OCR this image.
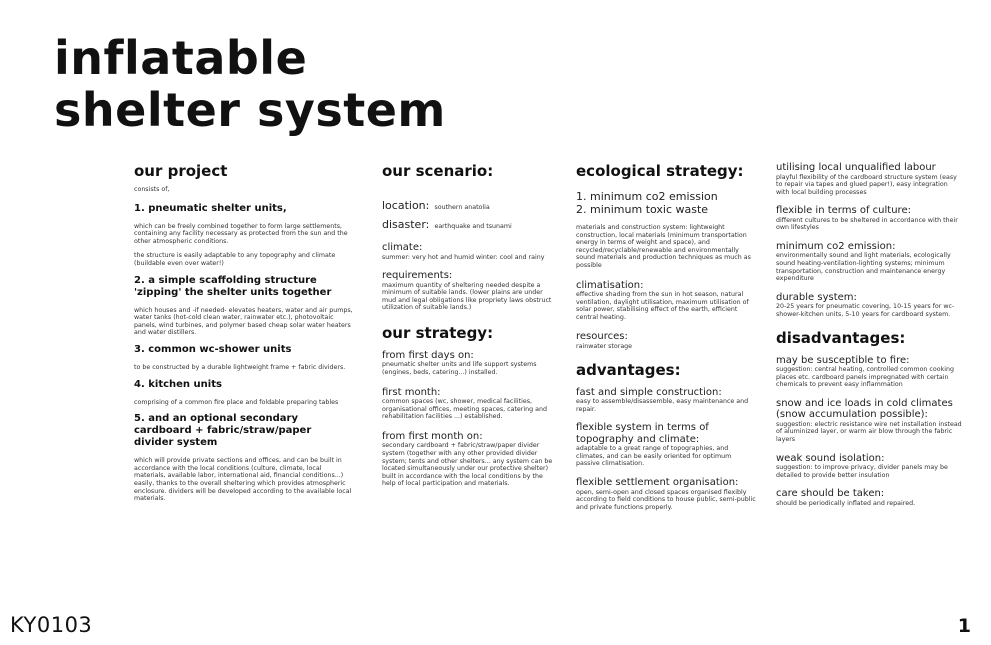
inflatable
shelter system
our project
consists of,
1. pneumatic shelter units,
which can be freely combined together to form large settlements, containing any facility necessary as protected from the sun and the other atmospheric conditions.
the structure is easily adaptable to any topography and climate (buildable even over water!)
2. a simple scaffolding structure 'zipping' the shelter units together
which houses and -if needed- elevates heaters, water and air pumps, water tanks (hot-cold clean water, rainwater etc.), photovoltaic panels, wind turbines, and polymer based cheap solar water heaters and water distillers.
3. common wc-shower units
to be constructed by a durable lightweight frame + fabric dividers.
4. kitchen units
comprising of a common fire place and foldable preparing tables
5. and an optional secondary cardboard + fabric/straw/paper divider system
which will provide private sections and offices, and can be built in accordance with the local conditions (culture, climate, local materials, available labor, international aid, financial conditions...) easily, thanks to the overall sheltering which provides atmospheric enclosure. dividers will be developed according to the available local materials.
our scenario:
location: southern anatolia
disaster: earthquake and tsunami
climate:
summer: very hot and humid winter: cool and rainy
requirements:
maximum quantity of sheltering needed despite a minimum of suitable lands. (lower plains are under mud and legal obligations like propriety laws obstruct utilization of suitable lands.)
our strategy:
from first days on:
pneumatic shelter units and life support systems (engines, beds, catering...) installed.
first month:
common spaces (wc, shower, medical facilities, organisational offices, meeting spaces, catering and rehabilitation facilities ...) established.
from first month on:
secondary cardboard + fabric/straw/paper divider system (together with any other provided divider system; tents and other shelters... any system can be located simultaneously under our protective shelter) built in accordance with the local conditions by the help of local participation and materials.
ecological strategy:
1. minimum co2 emission
2. minimum toxic waste
materials and construction system: lightweight construction, local materials (minimum transportation energy in terms of weight and space), and recycled/recyclable/renewable and environmentally sound materials and production techniques as much as possible
climatisation:
effective shading from the sun in hot season, natural ventilation, daylight utilisation, maximum utilisation of solar power, stabilising effect of the earth, efficient central heating.
resources:
rainwater storage
advantages:
fast and simple construction:
easy to assemble/disassemble, easy maintenance and repair.
flexible system in terms of topography and climate:
adaptable to a great range of topographies, and climates, and can be easily oriented for optimum passive climatisation.
flexible settlement organisation:
open, semi-open and closed spaces organised flexibly according to field conditions to house public, semi-public and private functions properly.
utilising local unqualified labour
playful flexibility of the cardboard structure system (easy to repair via tapes and glued paper!), easy integration with local building processes
flexible in terms of culture:
different cultures to be sheltered in accordance with their own lifestyles
minimum co2 emission:
environmentally sound and light materials, ecologically sound heating-ventilation-lighting systems; minimum transportation, construction and maintenance energy expenditure
durable system:
20-25 years for pneumatic covering, 10-15 years for wc-shower-kitchen units, 5-10 years for cardboard system.
disadvantages:
may be susceptible to fire:
suggestion: central heating, controlled common cooking places etc. cardboard panels impregnated with certain chemicals to prevent easy inflammation
snow and ice loads in cold climates (snow accumulation possible):
suggestion: electric resistance wire net installation instead of aluminized layer, or warm air blow through the fabric layers
weak sound isolation:
suggestion: to improve privacy, divider panels may be detailed to provide better insulation
care should be taken:
should be periodically inflated and repaired.
KY0103	1
